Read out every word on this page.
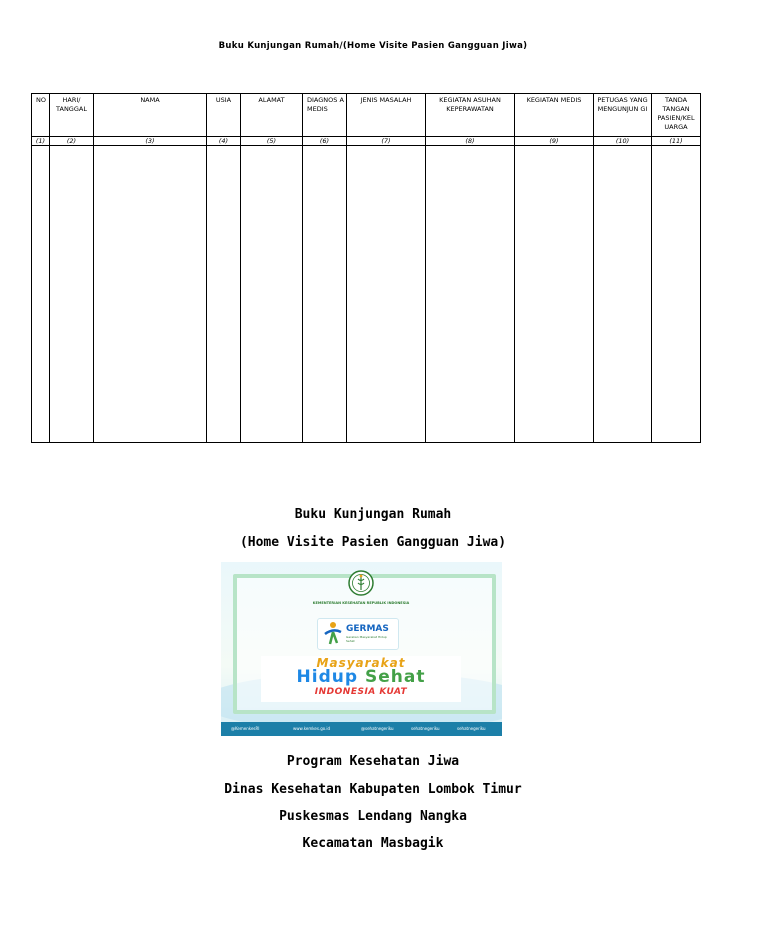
Buku Kunjungan Rumah/(Home Visite Pasien Gangguan Jiwa)
NO	HARI/ TANGGAL	NAMA	USIA	ALAMAT	DIAGNOS A MEDIS	JENIS MASALAH	KEGIATAN ASUHAN KEPERAWATAN	KEGIATAN MEDIS	PETUGAS YANG MENGUNJUN GI	TANDA TANGAN PASIEN/KEL UARGA
(1)	(2)	(3)	(4)	(5)	(6)	(7)	(8)	(9)	(10)	(11)

Buku Kunjungan Rumah
(Home Visite Pasien Gangguan Jiwa)
KEMENTERIAN KESEHATAN REPUBLIK INDONESIA
GERMAS
Gerakan Masyarakat Hidup Sehat
Masyarakat
Hidup Sehat
INDONESIA KUAT
@KemenkesRI	www.kemkes.go.id	@sehatnegeriku	sehatnegeriku	sehatnegeriku
Program Kesehatan Jiwa
Dinas Kesehatan Kabupaten Lombok Timur
Puskesmas Lendang Nangka
Kecamatan Masbagik
